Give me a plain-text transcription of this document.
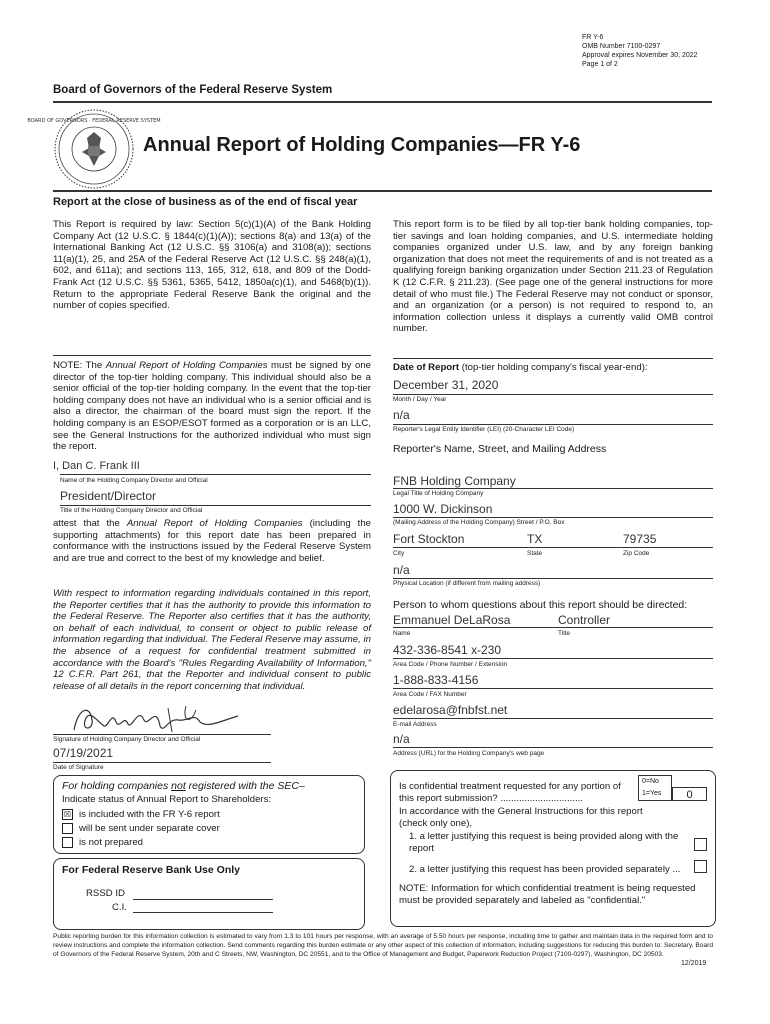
FR Y-6
OMB Number 7100-0297
Approval expires November 30, 2022
Page 1 of 2
Board of Governors of the Federal Reserve System
BOARD OF GOVERNORS · FEDERAL RESERVE SYSTEM
Annual Report of Holding Companies—FR Y-6
Report at the close of business as of the end of fiscal year

This Report is required by law: Section 5(c)(1)(A) of the Bank Holding Company Act (12 U.S.C. § 1844(c)(1)(A)); sections 8(a) and 13(a) of the International Banking Act (12 U.S.C. §§ 3106(a) and 3108(a)); sections 11(a)(1), 25, and 25A of the Federal Reserve Act (12 U.S.C. §§ 248(a)(1), 602, and 611a); and sections 113, 165, 312, 618, and 809 of the Dodd-Frank Act (12 U.S.C. §§ 5361, 5365, 5412, 1850a(c)(1), and 5468(b)(1)). Return to the appropriate Federal Reserve Bank the original and the number of copies specified.

This report form is to be filed by all top-tier bank holding companies, top-tier savings and loan holding companies, and U.S. intermediate holding companies organized under U.S. law, and by any foreign banking organization that does not meet the requirements of and is not treated as a qualifying foreign banking organization under Section 211.23 of Regulation K (12 C.F.R. § 211.23). (See page one of the general instructions for more detail of who must file.) The Federal Reserve may not conduct or sponsor, and an organization (or a person) is not required to respond to, an information collection unless it displays a currently valid OMB control number.

NOTE: The Annual Report of Holding Companies must be signed by one director of the top-tier holding company. This individual should also be a senior official of the top-tier holding company. In the event that the top-tier holding company does not have an individual who is a senior official and is also a director, the chairman of the board must sign the report. If the holding company is an ESOP/ESOT formed as a corporation or is an LLC, see the General Instructions for the authorized individual who must sign the report.

I, Dan C. Frank III
Name of the Holding Company Director and Official
President/Director
Title of the Holding Company Director and Official

attest that the Annual Report of Holding Companies (including the supporting attachments) for this report date has been prepared in conformance with the instructions issued by the Federal Reserve System and are true and correct to the best of my knowledge and belief.

With respect to information regarding individuals contained in this report, the Reporter certifies that it has the authority to provide this information to the Federal Reserve. The Reporter also certifies that it has the authority, on behalf of each individual, to consent or object to public release of information regarding that individual. The Federal Reserve may assume, in the absence of a request for confidential treatment submitted in accordance with the Board's "Rules Regarding Availability of Information," 12 C.F.R. Part 261, that the Reporter and individual consent to public release of all details in the report concerning that individual.

Signature of Holding Company Director and Official
07/19/2021
Date of Signature
For holding companies not registered with the SEC–
Indicate status of Annual Report to Shareholders:
☒ is included with the FR Y-6 report
will be sent under separate cover
is not prepared
For Federal Reserve Bank Use Only
RSSD ID
C.I.
Date of Report (top-tier holding company's fiscal year-end):
December 31, 2020
Month / Day / Year
n/a
Reporter's Legal Entity Identifier (LEI) (20-Character LEI Code)
Reporter's Name, Street, and Mailing Address
FNB Holding Company
Legal Title of Holding Company
1000 W. Dickinson
(Mailing Address of the Holding Company) Street / P.O. Box
Fort Stockton	TX	79735
City	State	Zip Code
n/a
Physical Location (if different from mailing address)
Person to whom questions about this report should be directed:
Emmanuel DeLaRosa	Controller
Name	Title
432-336-8541 x-230
Area Code / Phone Number / Extension
1-888-833-4156
Area Code / FAX Number
edelarosa@fnbfst.net
E-mail Address
n/a
Address (URL) for the Holding Company's web page

Is confidential treatment requested for any portion of this report submission? ...............................

0=No
1=Yes	0

In accordance with the General Instructions for this report (check only one),

1. a letter justifying this request is being provided along with the report

2. a letter justifying this request has been provided separately ...

NOTE: Information for which confidential treatment is being requested must be provided separately and labeled as "confidential."

Public reporting burden for this information collection is estimated to vary from 1.3 to 101 hours per response, with an average of 5.50 hours per response, including time to gather and maintain data in the required form and to review instructions and complete the information collection. Send comments regarding this burden estimate or any other aspect of this collection of information, including suggestions for reducing this burden to: Secretary, Board of Governors of the Federal Reserve System, 20th and C Streets, NW, Washington, DC 20551, and to the Office of Management and Budget, Paperwork Reduction Project (7100-0297), Washington, DC 20503.

12/2019
